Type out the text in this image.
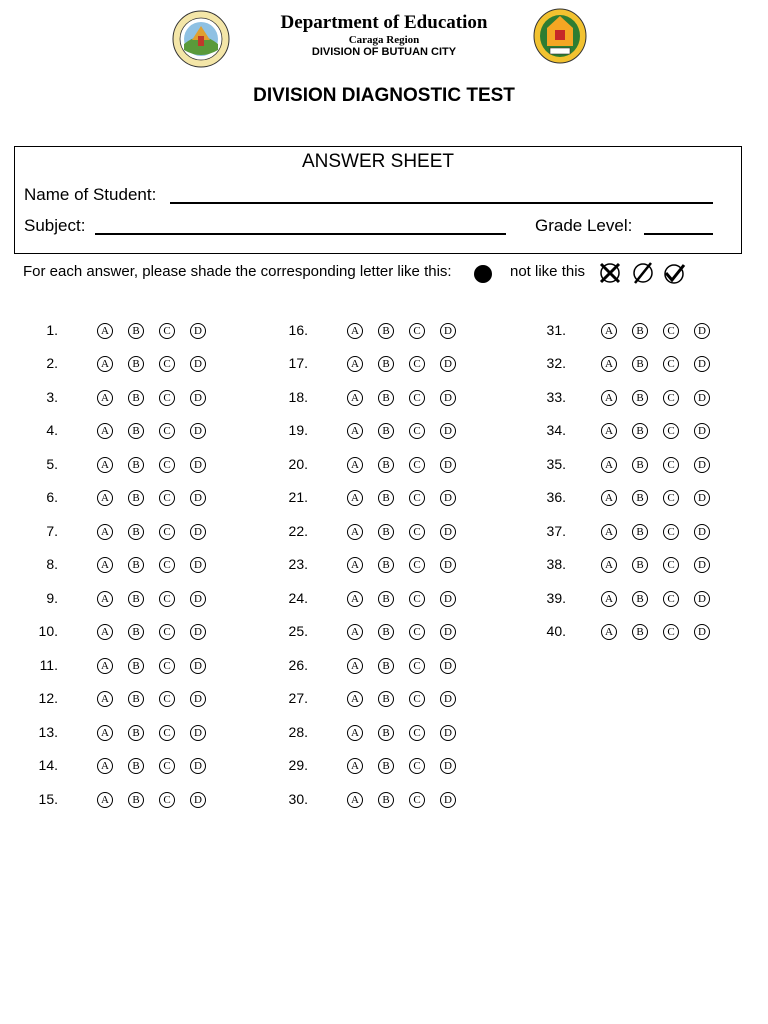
Department of Education
Caraga Region
DIVISION OF BUTUAN CITY
DIVISION DIAGNOSTIC TEST
ANSWER SHEET
Name of Student:
Subject:	Grade Level:
For each answer, please shade the corresponding letter like this:	not like this
1.	A	B	C	D
2.	A	B	C	D
3.	A	B	C	D
4.	A	B	C	D
5.	A	B	C	D
6.	A	B	C	D
7.	A	B	C	D
8.	A	B	C	D
9.	A	B	C	D
10.	A	B	C	D
11.	A	B	C	D
12.	A	B	C	D
13.	A	B	C	D
14.	A	B	C	D
15.	A	B	C	D
16.	A	B	C	D
17.	A	B	C	D
18.	A	B	C	D
19.	A	B	C	D
20.	A	B	C	D
21.	A	B	C	D
22.	A	B	C	D
23.	A	B	C	D
24.	A	B	C	D
25.	A	B	C	D
26.	A	B	C	D
27.	A	B	C	D
28.	A	B	C	D
29.	A	B	C	D
30.	A	B	C	D
31.	A	B	C	D
32.	A	B	C	D
33.	A	B	C	D
34.	A	B	C	D
35.	A	B	C	D
36.	A	B	C	D
37.	A	B	C	D
38.	A	B	C	D
39.	A	B	C	D
40.	A	B	C	D
